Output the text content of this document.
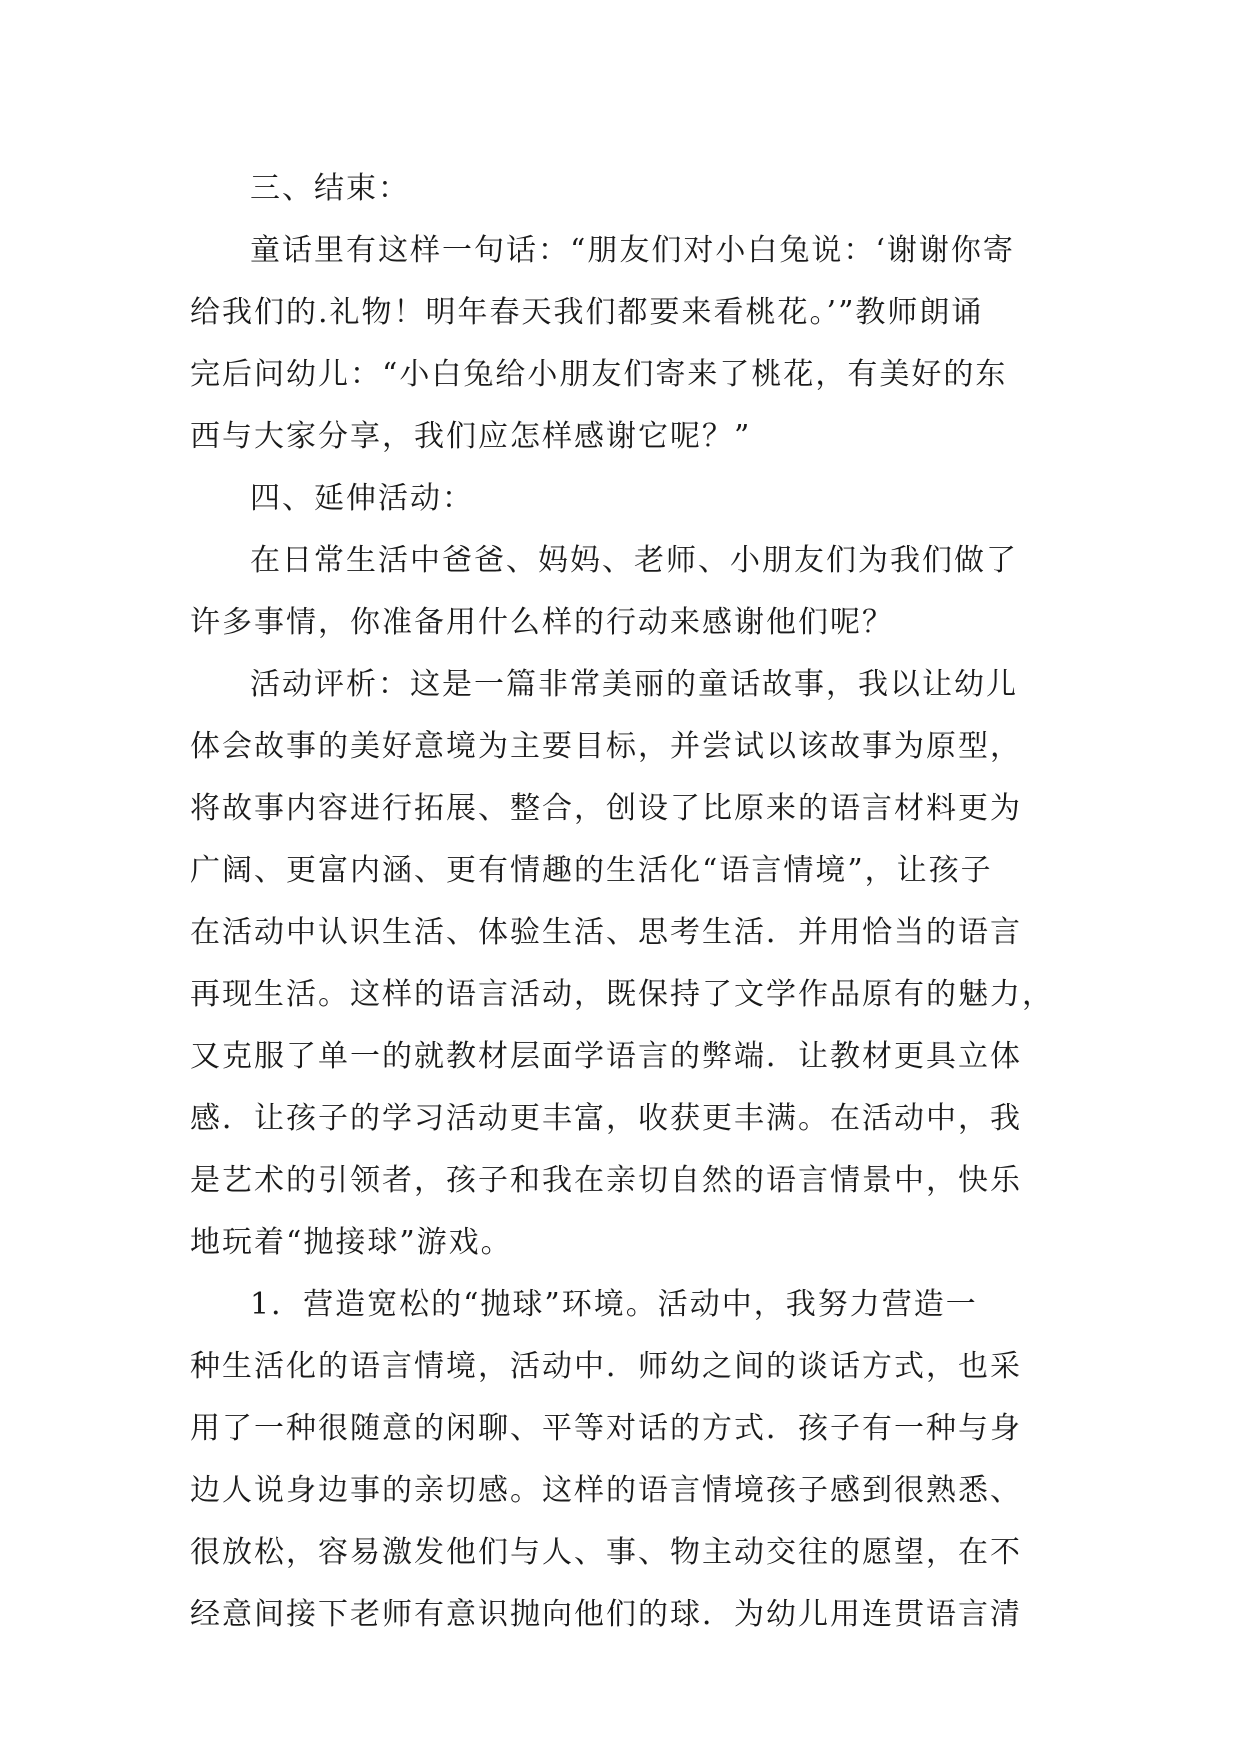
三、结束：
童话里有这样一句话：“朋友们对小白兔说：‘谢谢你寄
给我们的.礼物！明年春天我们都要来看桃花。’”教师朗诵
完后问幼儿：“小白兔给小朋友们寄来了桃花，有美好的东
西与大家分享，我们应怎样感谢它呢？”
四、延伸活动：
在日常生活中爸爸、妈妈、老师、小朋友们为我们做了
许多事情，你准备用什么样的行动来感谢他们呢？
活动评析：这是一篇非常美丽的童话故事，我以让幼儿
体会故事的美好意境为主要目标，并尝试以该故事为原型，
将故事内容进行拓展、整合，创设了比原来的语言材料更为
广阔、更富内涵、更有情趣的生活化“语言情境”，让孩子
在活动中认识生活、体验生活、思考生活．并用恰当的语言
再现生活。这样的语言活动，既保持了文学作品原有的魅力，
又克服了单一的就教材层面学语言的弊端．让教材更具立体
感．让孩子的学习活动更丰富，收获更丰满。在活动中，我
是艺术的引领者，孩子和我在亲切自然的语言情景中，快乐
地玩着“抛接球”游戏。
1．营造宽松的“抛球”环境。活动中，我努力营造一
种生活化的语言情境，活动中．师幼之间的谈话方式，也采
用了一种很随意的闲聊、平等对话的方式．孩子有一种与身
边人说身边事的亲切感。这样的语言情境孩子感到很熟悉、
很放松，容易激发他们与人、事、物主动交往的愿望，在不
经意间接下老师有意识抛向他们的球．为幼儿用连贯语言清
